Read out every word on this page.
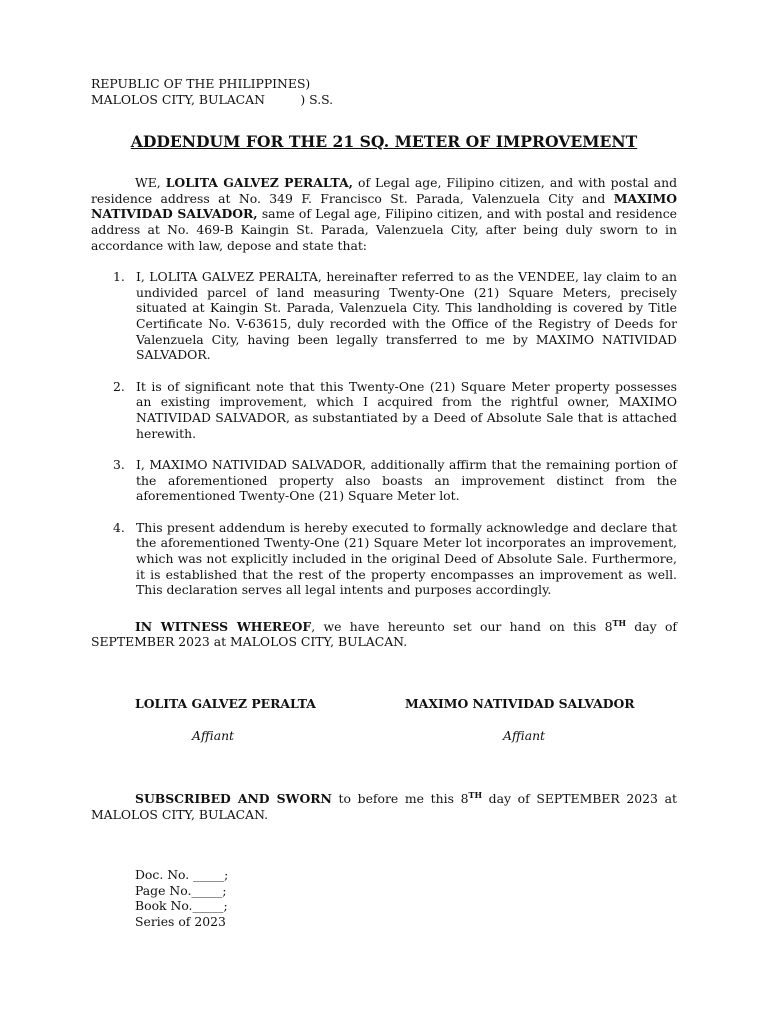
REPUBLIC OF THE PHILIPPINES)
MALOLOS CITY, BULACAN         ) S.S.
ADDENDUM FOR THE 21 SQ. METER OF IMPROVEMENT

WE, LOLITA GALVEZ PERALTA, of Legal age, Filipino citizen, and with postal and residence address at No. 349 F. Francisco St. Parada, Valenzuela City and MAXIMO NATIVIDAD SALVADOR, same of Legal age, Filipino citizen, and with postal and residence address at No. 469-B Kaingin St. Parada, Valenzuela City, after being duly sworn to in accordance with law, depose and state that:

1. I, LOLITA GALVEZ PERALTA, hereinafter referred to as the VENDEE, lay claim to an undivided parcel of land measuring Twenty-One (21) Square Meters, precisely situated at Kaingin St. Parada, Valenzuela City. This landholding is covered by Title Certificate No. V-63615, duly recorded with the Office of the Registry of Deeds for Valenzuela City, having been legally transferred to me by MAXIMO NATIVIDAD SALVADOR.
2. It is of significant note that this Twenty-One (21) Square Meter property possesses an existing improvement, which I acquired from the rightful owner, MAXIMO NATIVIDAD SALVADOR, as substantiated by a Deed of Absolute Sale that is attached herewith.
3. I, MAXIMO NATIVIDAD SALVADOR, additionally affirm that the remaining portion of the aforementioned property also boasts an improvement distinct from the aforementioned Twenty-One (21) Square Meter lot.
4. This present addendum is hereby executed to formally acknowledge and declare that the aforementioned Twenty-One (21) Square Meter lot incorporates an improvement, which was not explicitly included in the original Deed of Absolute Sale. Furthermore, it is established that the rest of the property encompasses an improvement as well. This declaration serves all legal intents and purposes accordingly.

IN WITNESS WHEREOF, we have hereunto set our hand on this 8TH day of SEPTEMBER 2023 at MALOLOS CITY, BULACAN.

LOLITA GALVEZ PERALTA
Affiant
MAXIMO NATIVIDAD SALVADOR
Affiant

SUBSCRIBED AND SWORN to before me this 8TH day of SEPTEMBER 2023 at MALOLOS CITY, BULACAN.

Doc. No. _____;
Page No._____;
Book No._____;
Series of 2023
